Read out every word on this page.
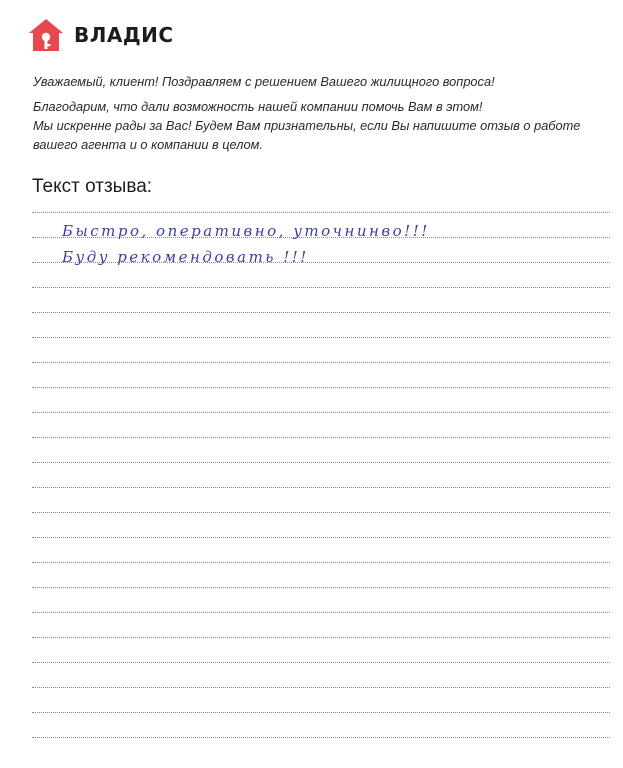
ВЛАДИС

Уважаемый, клиент! Поздравляем с решением Вашего жилищного вопроса!

Благодарим, что дали возможность нашей компании помочь Вам в этом!

Мы искренне рады за Вас! Будем Вам признательны, если Вы напишите отзыв о работе

вашего агента и о компании в целом.

Текст отзыва:
Быстро, оперативно, уточнинво!!!
Буду рекомендовать !!!
